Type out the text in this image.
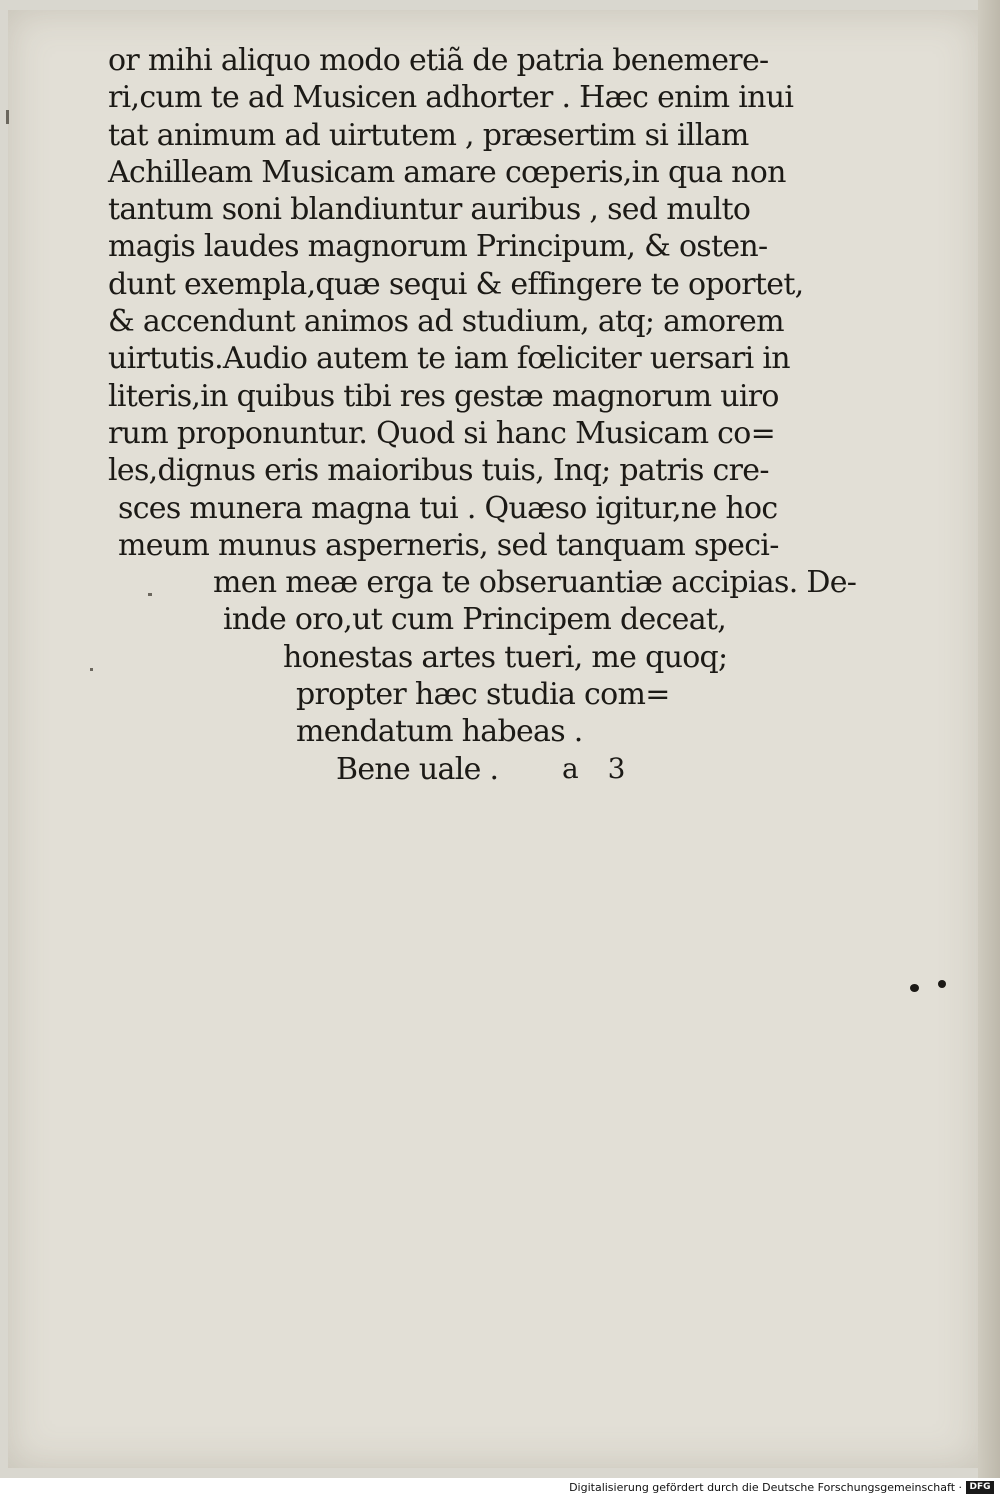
or mihi aliquo modo etiã de patria benemere-
ri,cum te ad Musicen adhorter . Hæc enim inui
tat animum ad uirtutem , præsertim si illam
Achilleam Musicam amare cœperis,in qua non
tantum soni blandiuntur auribus , sed multo
magis laudes magnorum Principum, & osten-
dunt exempla,quæ sequi & effingere te oportet,
& accendunt animos ad studium, atq; amorem
uirtutis.Audio autem te iam fœliciter uersari in
literis,in quibus tibi res gestæ magnorum uiro
rum proponuntur. Quod si hanc Musicam co=
les,dignus eris maioribus tuis, Inq; patris cre-
sces munera magna tui . Quæso igitur,ne hoc
meum munus asperneris, sed tanquam speci-
men meæ erga te obseruantiæ accipias. De-
inde oro,ut cum Principem deceat,
honestas artes tueri, me quoq;
propter hæc studia com=
mendatum habeas .
Bene uale .	a 3
Digitalisierung gefördert durch die Deutsche Forschungsgemeinschaft · DFG
